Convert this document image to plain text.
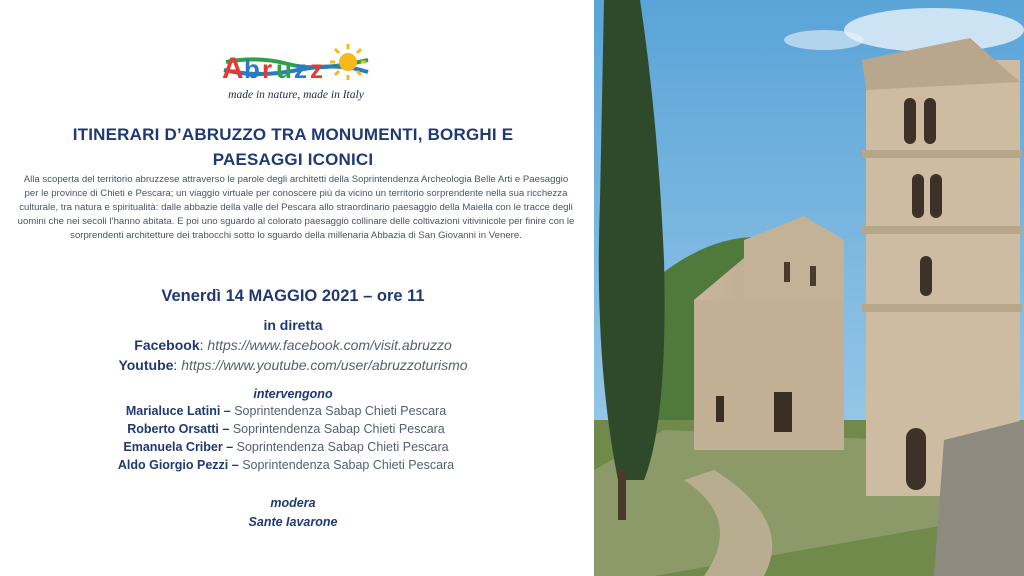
A b r u z z
made in nature, made in Italy
ITINERARI D’ABRUZZO TRA MONUMENTI, BORGHI E
PAESAGGI ICONICI
Alla scoperta del territorio abruzzese attraverso le parole degli architetti della Soprintendenza Archeologia Belle Arti e Paesaggio per le province di Chieti e Pescara; un viaggio virtuale per conoscere più da vicino un territorio sorprendente nella sua ricchezza culturale, tra natura e spiritualità: dalle abbazie della valle del Pescara allo straordinario paesaggio della Maiella con le tracce degli uomini che nei secoli l’hanno abitata. E poi uno sguardo al colorato paesaggio collinare delle coltivazioni vitivinicole per finire con le sorprendenti architetture dei trabocchi sotto lo sguardo della millenaria Abbazia di San Giovanni in Venere.
Venerdì 14 MAGGIO 2021 – ore 11
in diretta
Facebook: https://www.facebook.com/visit.abruzzo
Youtube: https://www.youtube.com/user/abruzzoturismo
intervengono
Marialuce Latini – Soprintendenza Sabap Chieti Pescara
Roberto Orsatti – Soprintendenza Sabap Chieti Pescara
Emanuela Criber – Soprintendenza Sabap Chieti Pescara
Aldo Giorgio Pezzi – Soprintendenza Sabap Chieti Pescara
modera
Sante Iavarone
